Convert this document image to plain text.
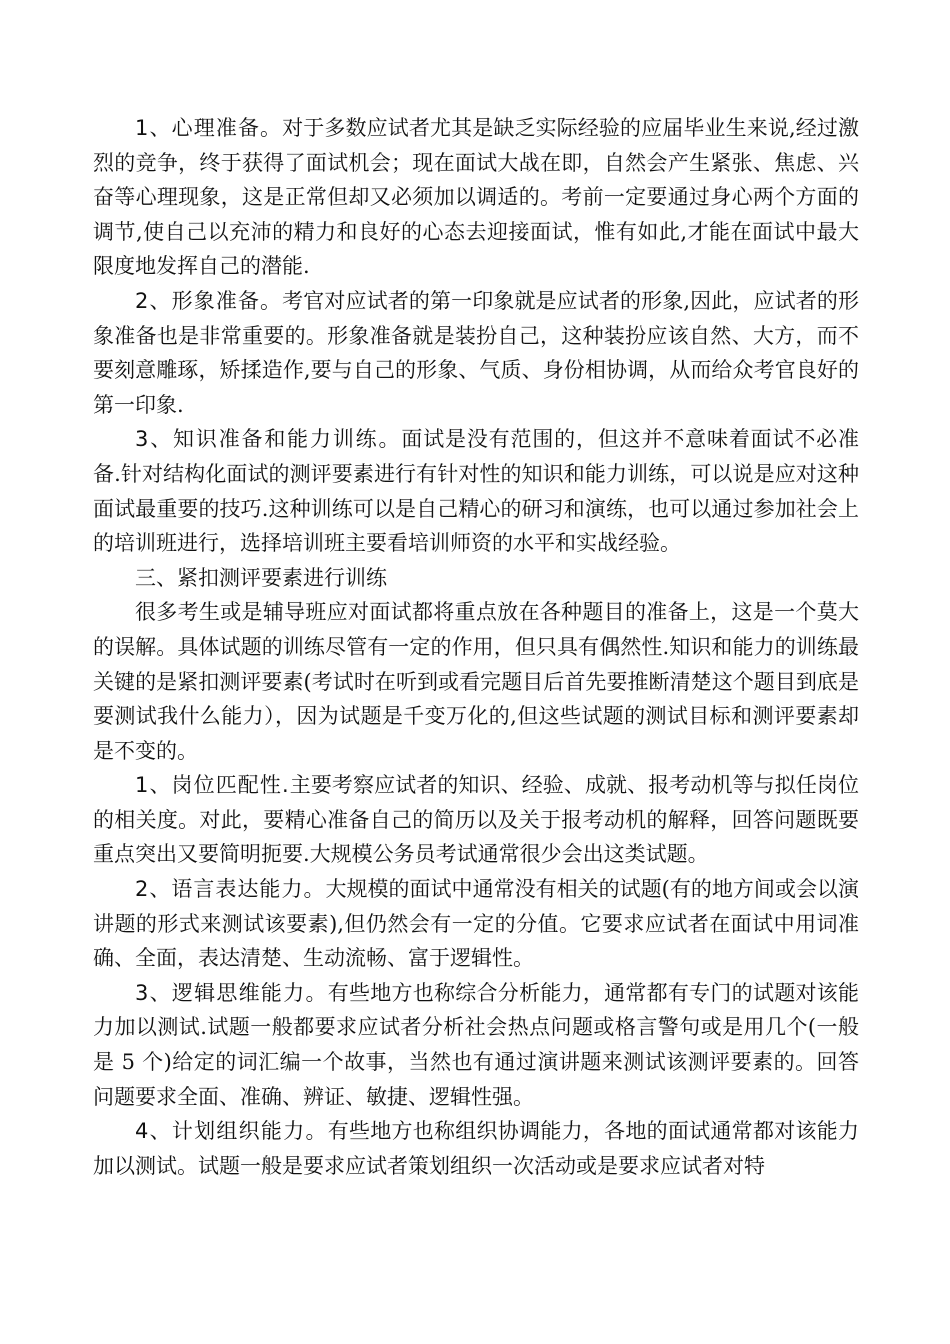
1、心理准备。对于多数应试者尤其是缺乏实际经验的应届毕业生来说,经过激烈的竞争，终于获得了面试机会；现在面试大战在即，自然会产生紧张、焦虑、兴奋等心理现象，这是正常但却又必须加以调适的。考前一定要通过身心两个方面的调节,使自己以充沛的精力和良好的心态去迎接面试，惟有如此,才能在面试中最大限度地发挥自己的潜能.

2、形象准备。考官对应试者的第一印象就是应试者的形象,因此，应试者的形象准备也是非常重要的。形象准备就是装扮自己，这种装扮应该自然、大方，而不要刻意雕琢，矫揉造作,要与自己的形象、气质、身份相协调，从而给众考官良好的第一印象.

3、知识准备和能力训练。面试是没有范围的，但这并不意味着面试不必准备.针对结构化面试的测评要素进行有针对性的知识和能力训练，可以说是应对这种面试最重要的技巧.这种训练可以是自己精心的研习和演练，也可以通过参加社会上的培训班进行，选择培训班主要看培训师资的水平和实战经验。

三、紧扣测评要素进行训练

很多考生或是辅导班应对面试都将重点放在各种题目的准备上，这是一个莫大的误解。具体试题的训练尽管有一定的作用，但只具有偶然性.知识和能力的训练最关键的是紧扣测评要素(考试时在听到或看完题目后首先要推断清楚这个题目到底是要测试我什么能力），因为试题是千变万化的,但这些试题的测试目标和测评要素却是不变的。

1、岗位匹配性.主要考察应试者的知识、经验、成就、报考动机等与拟任岗位的相关度。对此，要精心准备自己的简历以及关于报考动机的解释，回答问题既要重点突出又要简明扼要.大规模公务员考试通常很少会出这类试题。

2、语言表达能力。大规模的面试中通常没有相关的试题(有的地方间或会以演讲题的形式来测试该要素),但仍然会有一定的分值。它要求应试者在面试中用词准确、全面，表达清楚、生动流畅、富于逻辑性。

3、逻辑思维能力。有些地方也称综合分析能力，通常都有专门的试题对该能力加以测试.试题一般都要求应试者分析社会热点问题或格言警句或是用几个(一般是 5 个)给定的词汇编一个故事，当然也有通过演讲题来测试该测评要素的。回答问题要求全面、准确、辨证、敏捷、逻辑性强。

4、计划组织能力。有些地方也称组织协调能力，各地的面试通常都对该能力加以测试。试题一般是要求应试者策划组织一次活动或是要求应试者对特
